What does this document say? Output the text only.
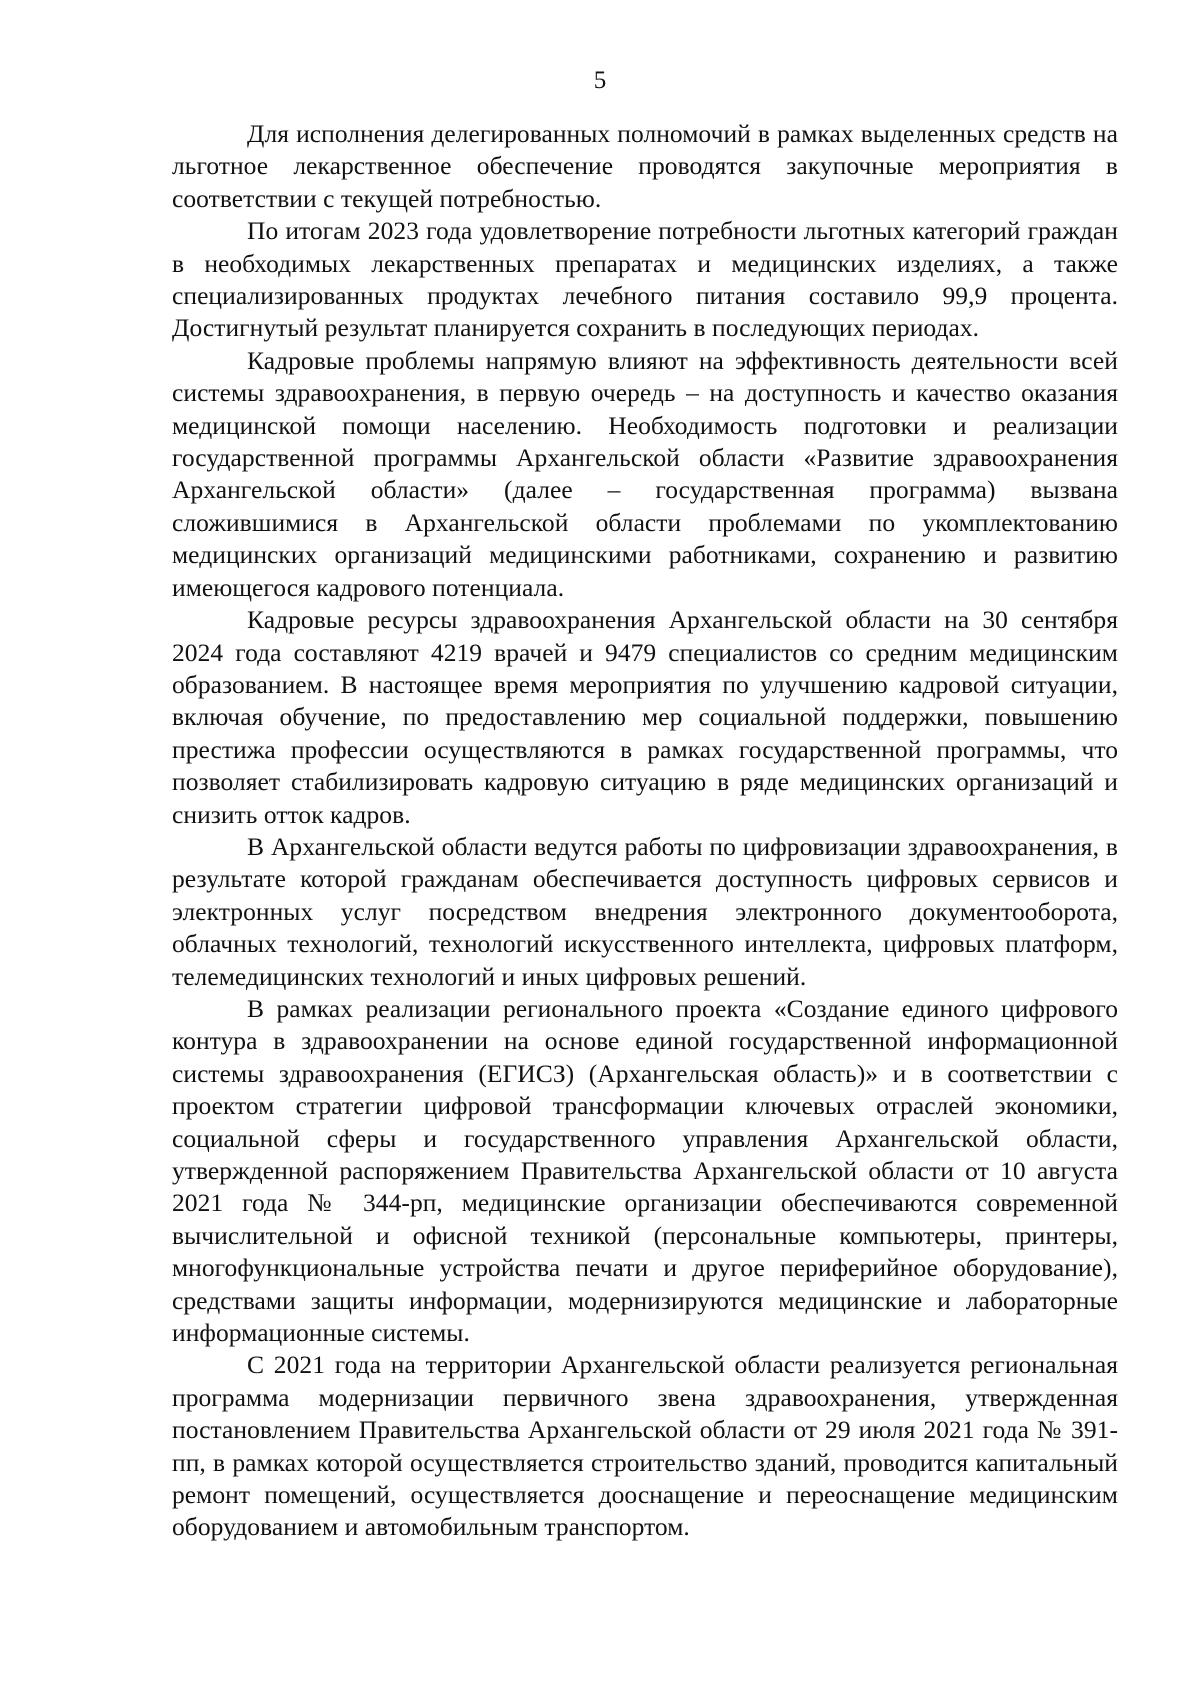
5

Для исполнения делегированных полномочий в рамках выделенных средств на льготное лекарственное обеспечение проводятся закупочные мероприятия в соответствии с текущей потребностью.

По итогам 2023 года удовлетворение потребности льготных категорий граждан в необходимых лекарственных препаратах и медицинских изделиях, а также специализированных продуктах лечебного питания составило 99,9 процента. Достигнутый результат планируется сохранить в последующих периодах.

Кадровые проблемы напрямую влияют на эффективность деятельности всей системы здравоохранения, в первую очередь – на доступность и качество оказания медицинской помощи населению. Необходимость подготовки и реализации государственной программы Архангельской области «Развитие здравоохранения Архангельской области» (далее – государственная программа) вызвана сложившимися в Архангельской области проблемами по укомплектованию медицинских организаций медицинскими работниками, сохранению и развитию имеющегося кадрового потенциала.

Кадровые ресурсы здравоохранения Архангельской области на 30 сентября 2024 года составляют 4219 врачей и 9479 специалистов со средним медицинским образованием. В настоящее время мероприятия по улучшению кадровой ситуации, включая обучение, по предоставлению мер социальной поддержки, повышению престижа профессии осуществляются в рамках государственной программы, что позволяет стабилизировать кадровую ситуацию в ряде медицинских организаций и снизить отток кадров.

В Архангельской области ведутся работы по цифровизации здравоохранения, в результате которой гражданам обеспечивается доступность цифровых сервисов и электронных услуг посредством внедрения электронного документооборота, облачных технологий, технологий искусственного интеллекта, цифровых платформ, телемедицинских технологий и иных цифровых решений.

В рамках реализации регионального проекта «Создание единого цифрового контура в здравоохранении на основе единой государственной информационной системы здравоохранения (ЕГИСЗ) (Архангельская область)» и в соответствии с проектом стратегии цифровой трансформации ключевых отраслей экономики, социальной сферы и государственного управления Архангельской области, утвержденной распоряжением Правительства Архангельской области от 10 августа 2021 года № 344-рп, медицинские организации обеспечиваются современной вычислительной и офисной техникой (персональные компьютеры, принтеры, многофункциональные устройства печати и другое периферийное оборудование), средствами защиты информации, модернизируются медицинские и лабораторные информационные системы.

С 2021 года на территории Архангельской области реализуется региональная программа модернизации первичного звена здравоохранения, утвержденная постановлением Правительства Архангельской области от 29 июля 2021 года № 391-пп, в рамках которой осуществляется строительство зданий, проводится капитальный ремонт помещений, осуществляется дооснащение и переоснащение медицинским оборудованием и автомобильным транспортом.
